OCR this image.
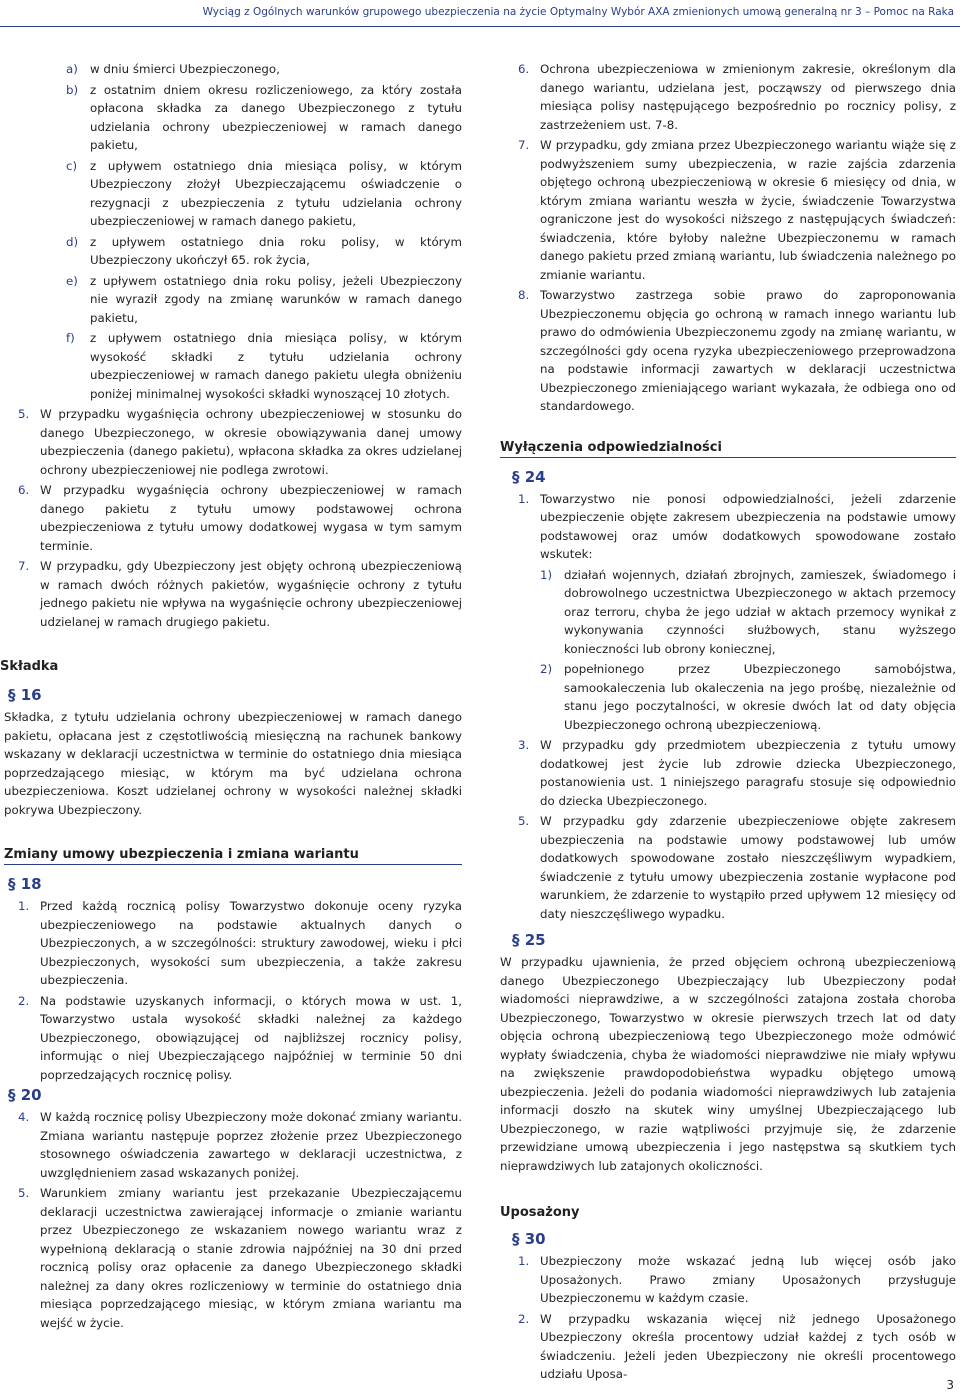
Wyciąg z Ogólnych warunków grupowego ubezpieczenia na życie Optymalny Wybór AXA zmienionych umową generalną nr 3 – Pomoc na Raka
a)	w dniu śmierci Ubezpieczonego,
b)	z ostatnim dniem okresu rozliczeniowego, za który została opłacona składka za danego Ubezpieczonego z tytułu udzielania ochrony ubezpieczeniowej w ramach danego pakietu,
c)	z upływem ostatniego dnia miesiąca polisy, w którym Ubezpieczony złożył Ubezpieczającemu oświadczenie o rezygnacji z ubezpieczenia z tytułu udzielania ochrony ubezpieczeniowej w ramach danego pakietu,
d)	z upływem ostatniego dnia roku polisy, w którym Ubezpieczony ukończył 65. rok życia,
e)	z upływem ostatniego dnia roku polisy, jeżeli Ubezpieczony nie wyraził zgody na zmianę warunków w ramach danego pakietu,
f)	z upływem ostatniego dnia miesiąca polisy, w którym wysokość składki z tytułu udzielania ochrony ubezpieczeniowej w ramach danego pakietu uległa obniżeniu poniżej minimalnej wysokości składki wynoszącej 10 złotych.
5. W przypadku wygaśnięcia ochrony ubezpieczeniowej w stosunku do danego Ubezpieczonego, w okresie obowiązywania danej umowy ubezpieczenia (danego pakietu), wpłacona składka za okres udzielanej ochrony ubezpieczeniowej nie podlega zwrotowi.
6. W przypadku wygaśnięcia ochrony ubezpieczeniowej w ramach danego pakietu z tytułu umowy podstawowej ochrona ubezpieczeniowa z tytułu umowy dodatkowej wygasa w tym samym terminie.
7. W przypadku, gdy Ubezpieczony jest objęty ochroną ubezpieczeniową w ramach dwóch różnych pakietów, wygaśnięcie ochrony z tytułu jednego pakietu nie wpływa na wygaśnięcie ochrony ubezpieczeniowej udzielanej w ramach drugiego pakietu.
Składka
§ 16

Składka, z tytułu udzielania ochrony ubezpieczeniowej w ramach danego pakietu, opłacana jest z częstotliwością miesięczną na rachunek bankowy wskazany w deklaracji uczestnictwa w terminie do ostatniego dnia miesiąca poprzedzającego miesiąc, w którym ma być udzielana ochrona ubezpieczeniowa. Koszt udzielanej ochrony w wysokości należnej składki pokrywa Ubezpieczony.

Zmiany umowy ubezpieczenia i zmiana wariantu
§ 18
1. Przed każdą rocznicą polisy Towarzystwo dokonuje oceny ryzyka ubezpieczeniowego na podstawie aktualnych danych o Ubezpieczonych, a w szczególności: struktury zawodowej, wieku i płci Ubezpieczonych, wysokości sum ubezpieczenia, a także zakresu ubezpieczenia.
2. Na podstawie uzyskanych informacji, o których mowa w ust. 1, Towarzystwo ustala wysokość składki należnej za każdego Ubezpieczonego, obowiązującej od najbliższej rocznicy polisy, informując o niej Ubezpieczającego najpóźniej w terminie 50 dni poprzedzających rocznicę polisy.
§ 20
4. W każdą rocznicę polisy Ubezpieczony może dokonać zmiany wariantu. Zmiana wariantu następuje poprzez złożenie przez Ubezpieczonego stosownego oświadczenia zawartego w deklaracji uczestnictwa, z uwzględnieniem zasad wskazanych poniżej.
5. Warunkiem zmiany wariantu jest przekazanie Ubezpieczającemu deklaracji uczestnictwa zawierającej informacje o zmianie wariantu przez Ubezpieczonego ze wskazaniem nowego wariantu wraz z wypełnioną deklaracją o stanie zdrowia najpóźniej na 30 dni przed rocznicą polisy oraz opłacenie za danego Ubezpieczonego składki należnej za dany okres rozliczeniowy w terminie do ostatniego dnia miesiąca poprzedzającego miesiąc, w którym zmiana wariantu ma wejść w życie.
6. Ochrona ubezpieczeniowa w zmienionym zakresie, określonym dla danego wariantu, udzielana jest, począwszy od pierwszego dnia miesiąca polisy następującego bezpośrednio po rocznicy polisy, z zastrzeżeniem ust. 7-8.
7. W przypadku, gdy zmiana przez Ubezpieczonego wariantu wiąże się z podwyższeniem sumy ubezpieczenia, w razie zajścia zdarzenia objętego ochroną ubezpieczeniową w okresie 6 miesięcy od dnia, w którym zmiana wariantu weszła w życie, świadczenie Towarzystwa ograniczone jest do wysokości niższego z następujących świadczeń: świadczenia, które byłoby należne Ubezpieczonemu w ramach danego pakietu przed zmianą wariantu, lub świadczenia należnego po zmianie wariantu.
8. Towarzystwo zastrzega sobie prawo do zaproponowania Ubezpieczonemu objęcia go ochroną w ramach innego wariantu lub prawo do odmówienia Ubezpieczonemu zgody na zmianę wariantu, w szczególności gdy ocena ryzyka ubezpieczeniowego przeprowadzona na podstawie informacji zawartych w deklaracji uczestnictwa Ubezpieczonego zmieniającego wariant wykazała, że odbiega ono od standardowego.
Wyłączenia odpowiedzialności
§ 24
1. Towarzystwo nie ponosi odpowiedzialności, jeżeli zdarzenie ubezpieczenie objęte zakresem ubezpieczenia na podstawie umowy podstawowej oraz umów dodatkowych spowodowane zostało wskutek:
1)	działań wojennych, działań zbrojnych, zamieszek, świadomego i dobrowolnego uczestnictwa Ubezpieczonego w aktach przemocy oraz terroru, chyba że jego udział w aktach przemocy wynikał z wykonywania czynności służbowych, stanu wyższego konieczności lub obrony koniecznej,
2)	popełnionego przez Ubezpieczonego samobójstwa, samookaleczenia lub okaleczenia na jego prośbę, niezależnie od stanu jego poczytalności, w okresie dwóch lat od daty objęcia Ubezpieczonego ochroną ubezpieczeniową.
3. W przypadku gdy przedmiotem ubezpieczenia z tytułu umowy dodatkowej jest życie lub zdrowie dziecka Ubezpieczonego, postanowienia ust. 1 niniejszego paragrafu stosuje się odpowiednio do dziecka Ubezpieczonego.
5. W przypadku gdy zdarzenie ubezpieczeniowe objęte zakresem ubezpieczenia na podstawie umowy podstawowej lub umów dodatkowych spowodowane zostało nieszczęśliwym wypadkiem, świadczenie z tytułu umowy ubezpieczenia zostanie wypłacone pod warunkiem, że zdarzenie to wystąpiło przed upływem 12 miesięcy od daty nieszczęśliwego wypadku.
§ 25

W przypadku ujawnienia, że przed objęciem ochroną ubezpieczeniową danego Ubezpieczonego Ubezpieczający lub Ubezpieczony podał wiadomości nieprawdziwe, a w szczególności zatajona została choroba Ubezpieczonego, Towarzystwo w okresie pierwszych trzech lat od daty objęcia ochroną ubezpieczeniową tego Ubezpieczonego może odmówić wypłaty świadczenia, chyba że wiadomości nieprawdziwe nie miały wpływu na zwiększenie prawdopodobieństwa wypadku objętego umową ubezpieczenia. Jeżeli do podania wiadomości nieprawdziwych lub zatajenia informacji doszło na skutek winy umyślnej Ubezpieczającego lub Ubezpieczonego, w razie wątpliwości przyjmuje się, że zdarzenie przewidziane umową ubezpieczenia i jego następstwa są skutkiem tych nieprawdziwych lub zatajonych okoliczności.

Uposażony
§ 30
1. Ubezpieczony może wskazać jedną lub więcej osób jako Uposażonych. Prawo zmiany Uposażonych przysługuje Ubezpieczonemu w każdym czasie.
2. W przypadku wskazania więcej niż jednego Uposażonego Ubezpieczony określa procentowy udział każdej z tych osób w świadczeniu. Jeżeli jeden Ubezpieczony nie określi procentowego udziału Uposa-
3
